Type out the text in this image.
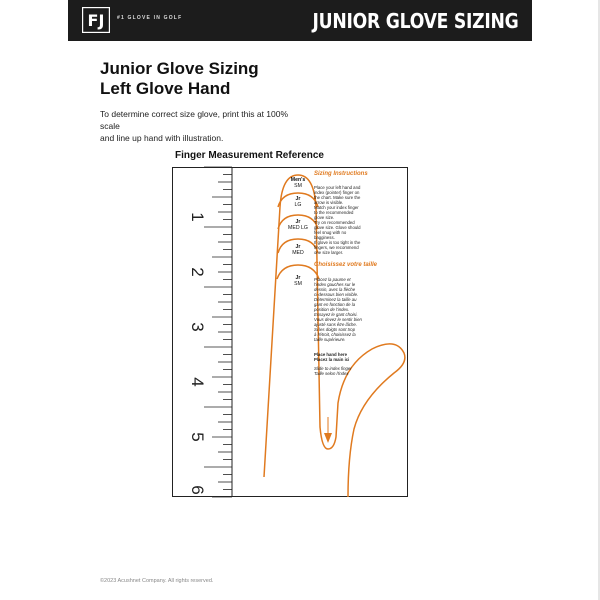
FJ	#1 GLOVE IN GOLF	JUNIOR GLOVE SIZING
Junior Glove Sizing
Left Glove Hand
To determine correct size glove, print this at 100% scale
and line up hand with illustration.
Finger Measurement Reference
1
2
3
4
5
6
Men's
SM
Jr
LG
Jr
MED LG
Jr
MED
Jr
SM
Sizing Instructions
Place your left hand and
index (pointer) finger on
the chart. Make sure the
arrow is visible.
Match your index finger
to the recommended
glove size.
Try on recommended
glove size. Glove should
feel snug with no
bagginess.
If glove is too tight in the
fingers, we recommend
one size larger.
Choisissez votre taille
Placez la paume et
l'index gauches sur le
dessin, avec la flèche
ci-dessous bien visible.
Déterminez la taille au
gant en fonction de la
position de l'index.
Essayez le gant choisi.
Vous devez le sentir bien
ajusté sans être lâche.
Si les doigts sont trop
à l'étroit, choisissez la
taille supérieure.
Place hand here
Placez la main ici
Slide to index finger
Taille selon l'index
©2023 Acushnet Company. All rights reserved.
